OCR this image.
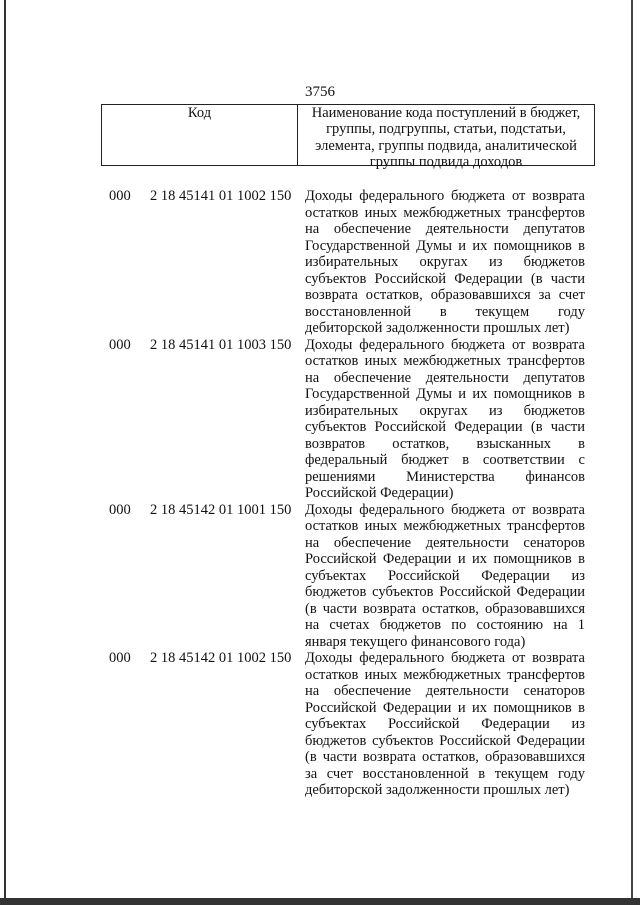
3756
Код	Наименование кода поступлений в бюджет, группы, подгруппы, статьи, подстатьи, элемента, группы подвида, аналитической группы подвида доходов
000 2 18 45141 01 1002 150 Доходы федерального бюджета от возврата остатков иных межбюджетных трансфертов на обеспечение деятельности депутатов Государственной Думы и их помощников в избирательных округах из бюджетов субъектов Российской Федерации (в части возврата остатков, образовавшихся за счет восстановленной в текущем году дебиторской задолженности прошлых лет)
000 2 18 45141 01 1003 150 Доходы федерального бюджета от возврата остатков иных межбюджетных трансфертов на обеспечение деятельности депутатов Государственной Думы и их помощников в избирательных округах из бюджетов субъектов Российской Федерации (в части возвратов остатков, взысканных в федеральный бюджет в соответствии с решениями Министерства финансов Российской Федерации)
000 2 18 45142 01 1001 150 Доходы федерального бюджета от возврата остатков иных межбюджетных трансфертов на обеспечение деятельности сенаторов Российской Федерации и их помощников в субъектах Российской Федерации из бюджетов субъектов Российской Федерации (в части возврата остатков, образовавшихся на счетах бюджетов по состоянию на 1 января текущего финансового года)
000 2 18 45142 01 1002 150 Доходы федерального бюджета от возврата остатков иных межбюджетных трансфертов на обеспечение деятельности сенаторов Российской Федерации и их помощников в субъектах Российской Федерации из бюджетов субъектов Российской Федерации (в части возврата остатков, образовавшихся за счет восстановленной в текущем году дебиторской задолженности прошлых лет)
